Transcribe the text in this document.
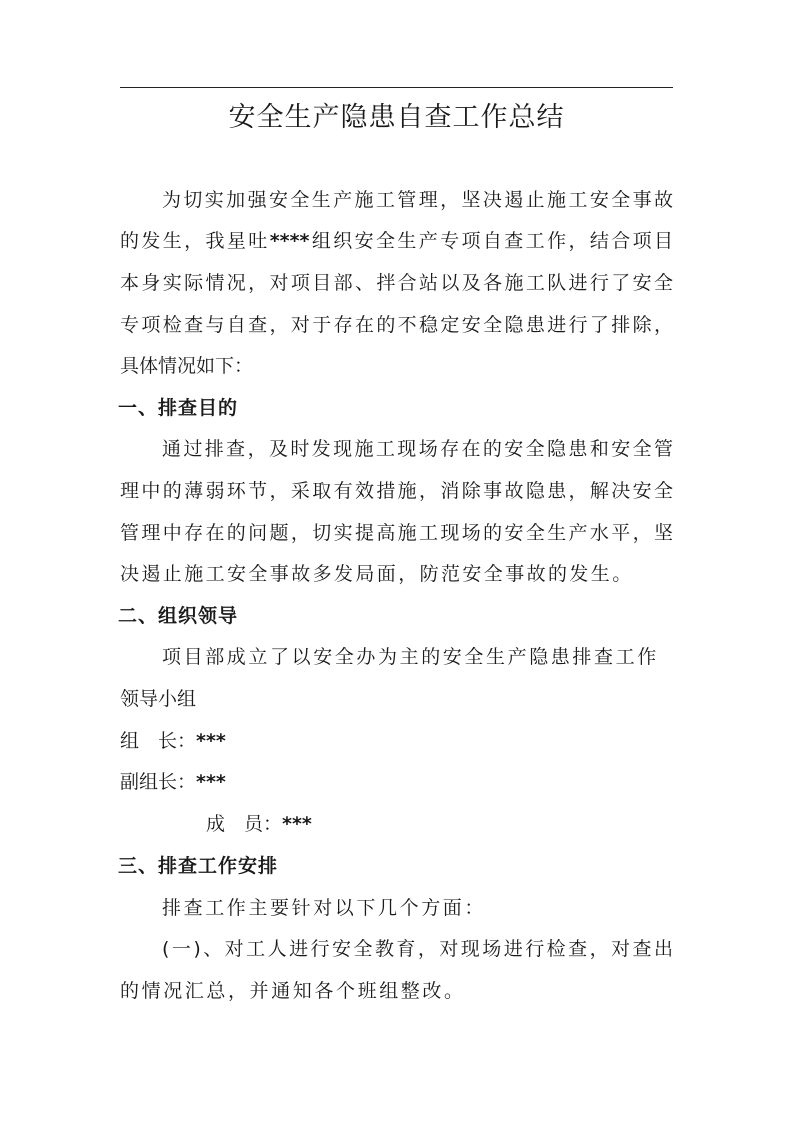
安全生产隐患自查工作总结
为切实加强安全生产施工管理，坚决遏止施工安全事故
的发生，我星吐****组织安全生产专项自查工作，结合项目
本身实际情况，对项目部、拌合站以及各施工队进行了安全
专项检查与自查，对于存在的不稳定安全隐患进行了排除，
具体情况如下：
一、排查目的
通过排查，及时发现施工现场存在的安全隐患和安全管
理中的薄弱环节，采取有效措施，消除事故隐患，解决安全
管理中存在的问题，切实提高施工现场的安全生产水平，坚
决遏止施工安全事故多发局面，防范安全事故的发生。
二、组织领导
项目部成立了以安全办为主的安全生产隐患排查工作
领导小组
组　长：***
副组长：***
成　员：***
三、排查工作安排
排查工作主要针对以下几个方面：
(一)、对工人进行安全教育，对现场进行检查，对查出
的情况汇总，并通知各个班组整改。
